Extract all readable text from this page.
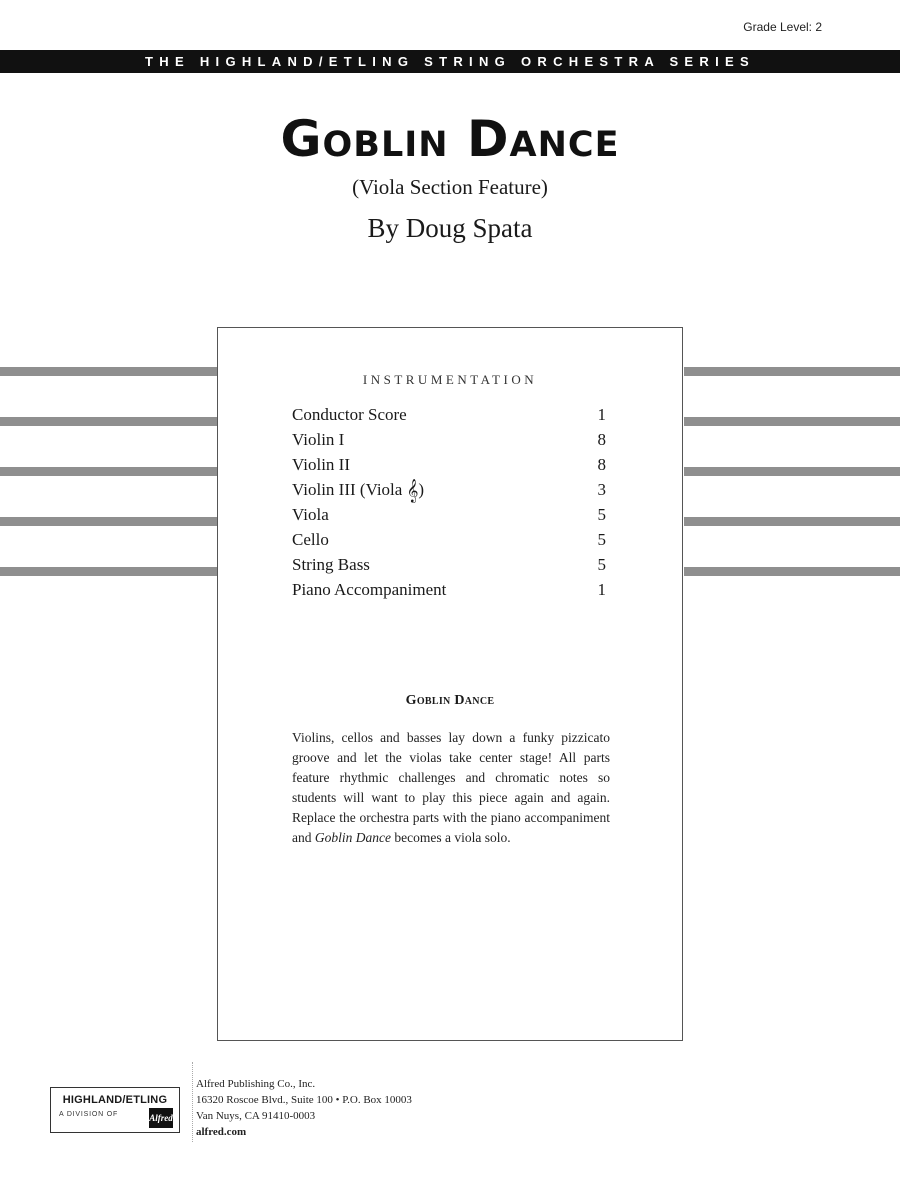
Grade Level: 2
THE HIGHLAND/ETLING STRING ORCHESTRA SERIES
Goblin Dance
(Viola Section Feature)
By Doug Spata
INSTRUMENTATION
Conductor Score	1
Violin I	8
Violin II	8
Violin III (Viola 𝄞)	3
Viola	5
Cello	5
String Bass	5
Piano Accompaniment	1
Goblin Dance

Violins, cellos and basses lay down a funky pizzicato groove and let the violas take center stage! All parts feature rhythmic challenges and chromatic notes so students will want to play this piece again and again. Replace the orchestra parts with the piano accompaniment and Goblin Dance becomes a viola solo.

HIGHLAND/ETLING
A DIVISION OF	Alfred
Alfred Publishing Co., Inc.
16320 Roscoe Blvd., Suite 100 • P.O. Box 10003
Van Nuys, CA 91410-0003
alfred.com
